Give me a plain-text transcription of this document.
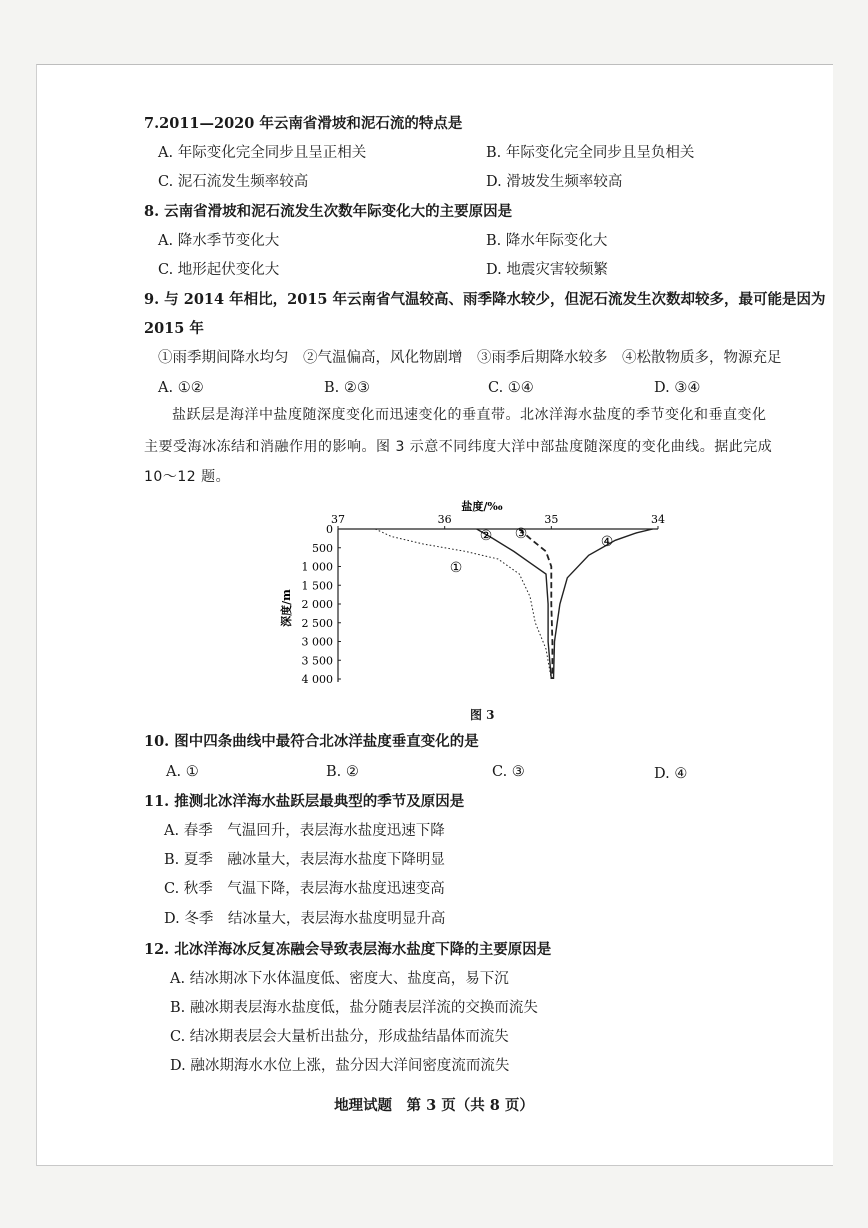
7.2011—2020 年云南省滑坡和泥石流的特点是
A. 年际变化完全同步且呈正相关	B. 年际变化完全同步且呈负相关
C. 泥石流发生频率较高	D. 滑坡发生频率较高
8. 云南省滑坡和泥石流发生次数年际变化大的主要原因是
A. 降水季节变化大	B. 降水年际变化大
C. 地形起伏变化大	D. 地震灾害较频繁
9. 与 2014 年相比，2015 年云南省气温较高、雨季降水较少，但泥石流发生次数却较多，最可能是因为
2015 年
①雨季期间降水均匀　②气温偏高，风化物剧增　③雨季后期降水较多　④松散物质多，物源充足
A. ①②	B. ②③	C. ①④	D. ③④
盐跃层是海洋中盐度随深度变化而迅速变化的垂直带。北冰洋海水盐度的季节变化和垂直变化
主要受海冰冻结和消融作用的影响。图 3 示意不同纬度大洋中部盐度随深度的变化曲线。据此完成
10～12 题。
盐度/‰
37	36	35	34
0
500
1 000
1 500
2 000
2 500
3 000
3 500
4 000
深度/m
①
② ③	④
图 3
10. 图中四条曲线中最符合北冰洋盐度垂直变化的是
A. ①	B. ②	C. ③	D. ④
11. 推测北冰洋海水盐跃层最典型的季节及原因是
A. 春季　气温回升，表层海水盐度迅速下降
B. 夏季　融冰量大，表层海水盐度下降明显
C. 秋季　气温下降，表层海水盐度迅速变高
D. 冬季　结冰量大，表层海水盐度明显升高
12. 北冰洋海冰反复冻融会导致表层海水盐度下降的主要原因是
A. 结冰期冰下水体温度低、密度大、盐度高，易下沉
B. 融冰期表层海水盐度低，盐分随表层洋流的交换而流失
C. 结冰期表层会大量析出盐分，形成盐结晶体而流失
D. 融冰期海水水位上涨，盐分因大洋间密度流而流失
地理试题　第 3 页（共 8 页）
